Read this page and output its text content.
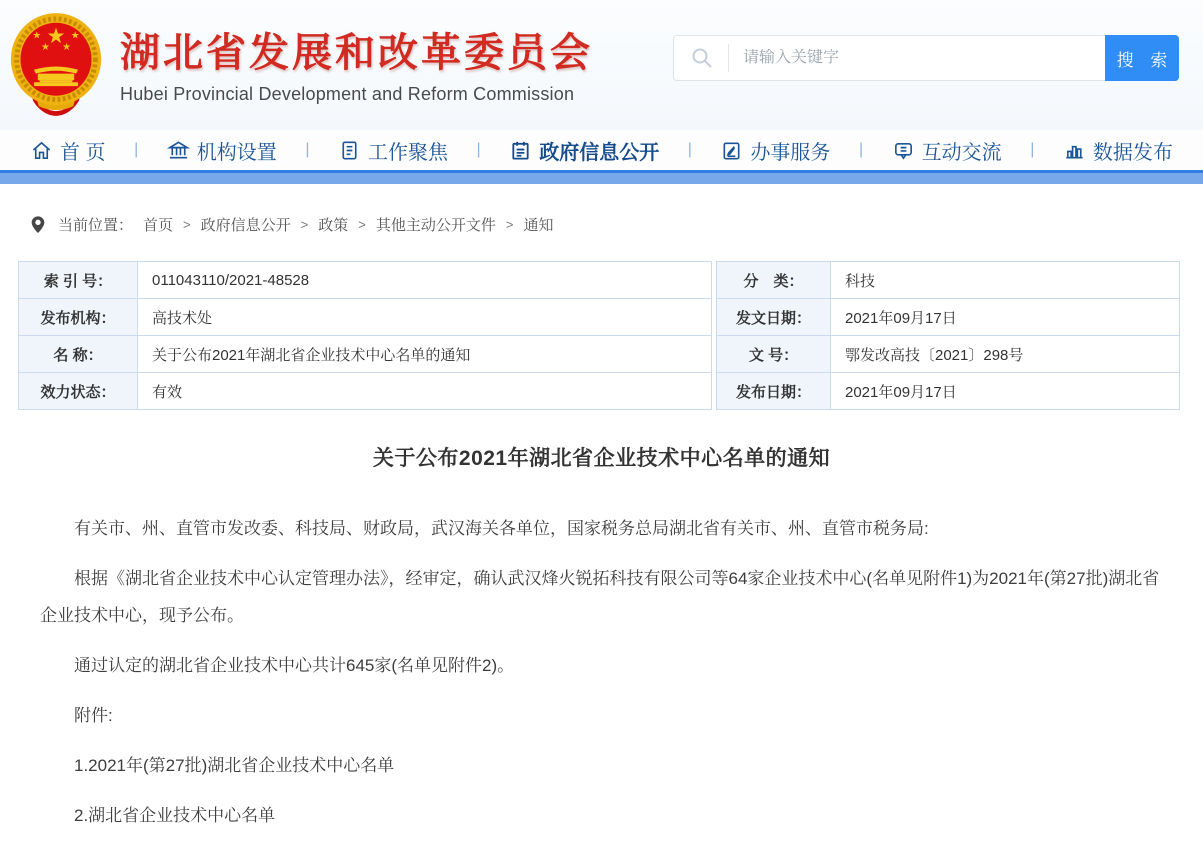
湖北省发展和改革委员会
Hubei Provincial Development and Reform Commission
请输入关键字
搜 索
首 页 |	机构设置 |	工作聚焦 |	政府信息公开 |	办事服务 |	互动交流 |	数据发布
当前位置： 首页 > 政府信息公开 > 政策 > 其他主动公开文件 > 通知
索 引 号：	011043110/2021-48528
发布机构：	高技术处
名 称：	关于公布2021年湖北省企业技术中心名单的通知
效力状态：	有效
分　类：	科技
发文日期：	2021年09月17日
文 号：	鄂发改高技〔2021〕298号
发布日期：	2021年09月17日
关于公布2021年湖北省企业技术中心名单的通知

有关市、州、直管市发改委、科技局、财政局，武汉海关各单位，国家税务总局湖北省有关市、州、直管市税务局:

根据《湖北省企业技术中心认定管理办法》，经审定，确认武汉烽火锐拓科技有限公司等64家企业技术中心(名单见附件1)为2021年(第27批)湖北省企业技术中心，现予公布。

通过认定的湖北省企业技术中心共计645家(名单见附件2)。

附件:

1.2021年(第27批)湖北省企业技术中心名单

2.湖北省企业技术中心名单
